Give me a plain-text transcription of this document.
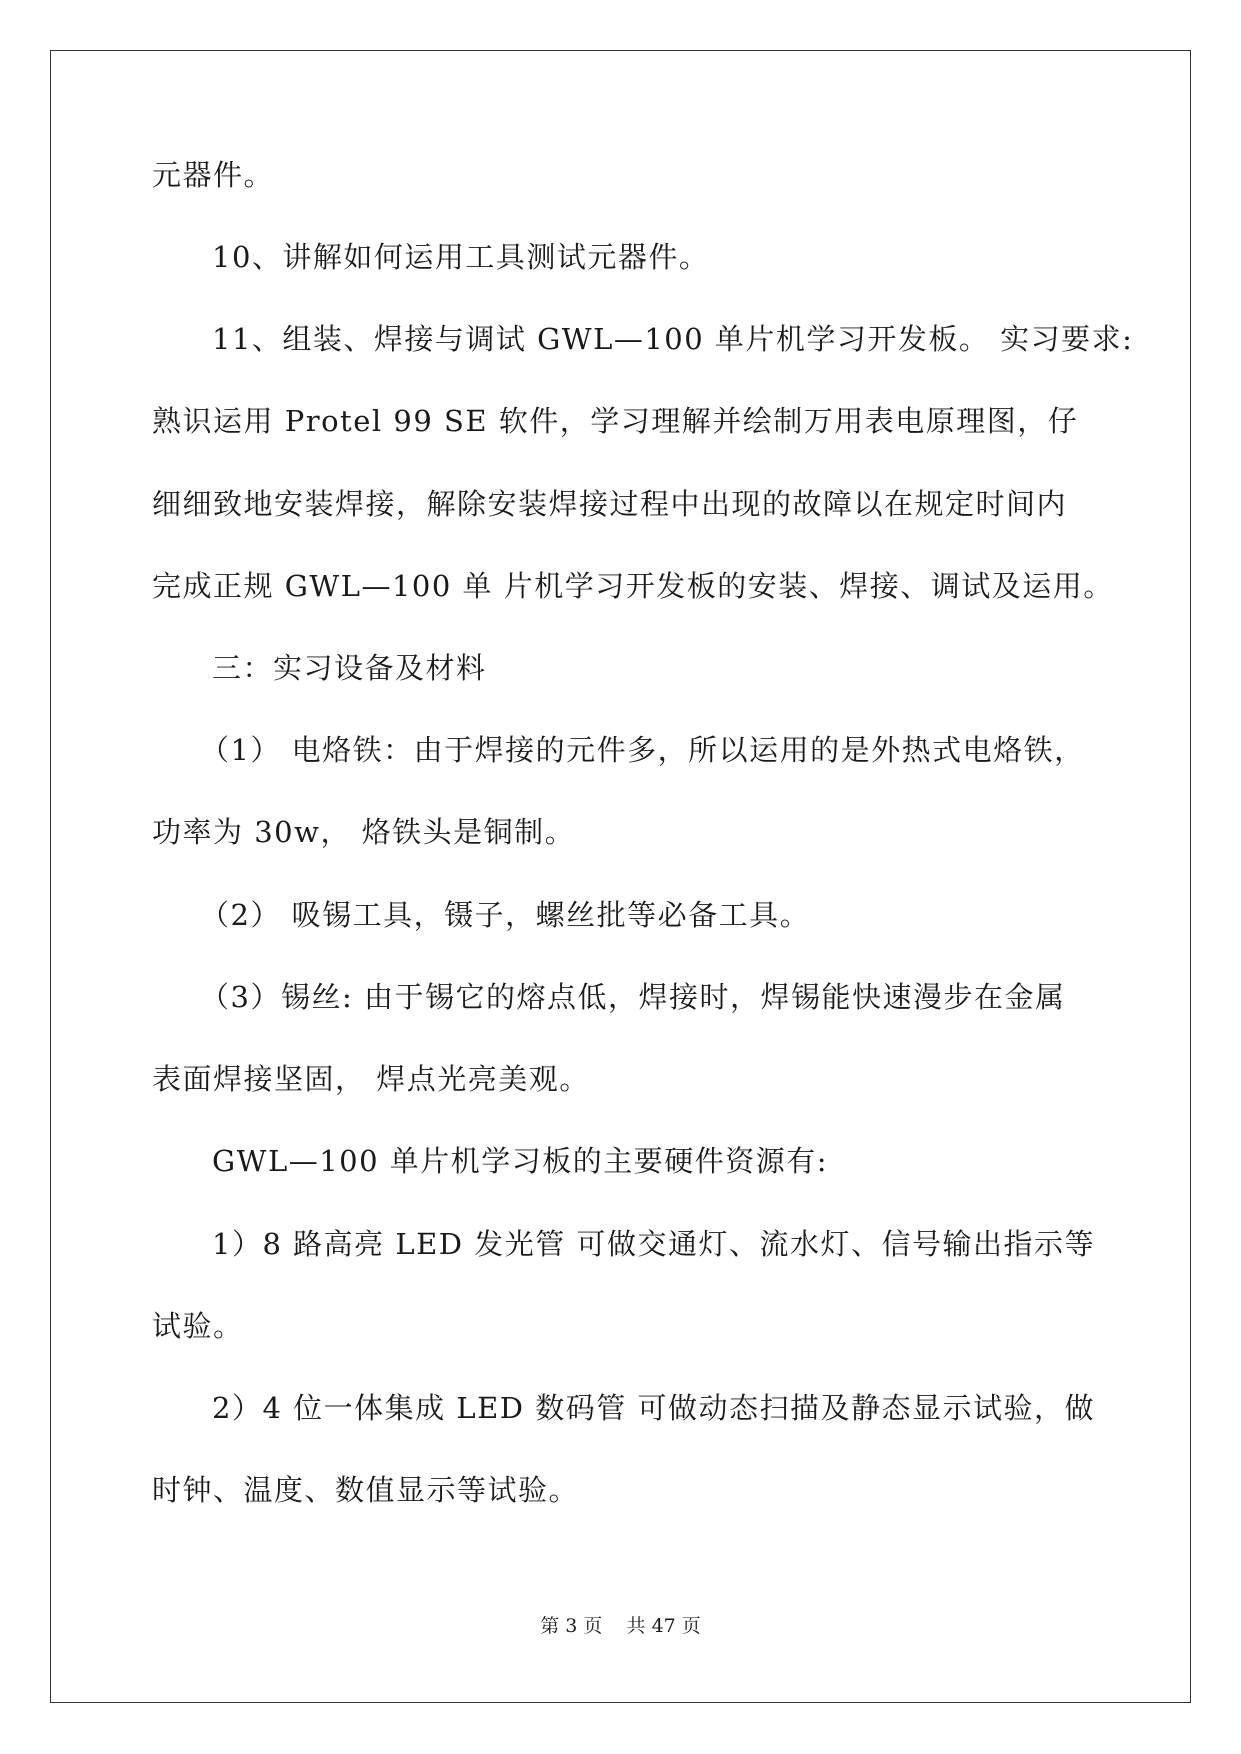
元器件。
10、讲解如何运用工具测试元器件。
11、组装、焊接与调试 GWL—100 单片机学习开发板。 实习要求:
熟识运用 Protel 99 SE 软件，学习理解并绘制万用表电原理图，仔
细细致地安装焊接，解除安装焊接过程中出现的故障以在规定时间内
完成正规 GWL—100 单 片机学习开发板的安装、焊接、调试及运用。
三：实习设备及材料
（1） 电烙铁：由于焊接的元件多，所以运用的是外热式电烙铁，
功率为 30w， 烙铁头是铜制。
（2） 吸锡工具，镊子，螺丝批等必备工具。
（3）锡丝: 由于锡它的熔点低，焊接时，焊锡能快速漫步在金属
表面焊接坚固， 焊点光亮美观。
GWL—100 单片机学习板的主要硬件资源有:
1）8 路高亮 LED 发光管 可做交通灯、流水灯、信号输出指示等
试验。
2）4 位一体集成 LED 数码管 可做动态扫描及静态显示试验，做
时钟、温度、数值显示等试验。
第 3 页    共 47 页
